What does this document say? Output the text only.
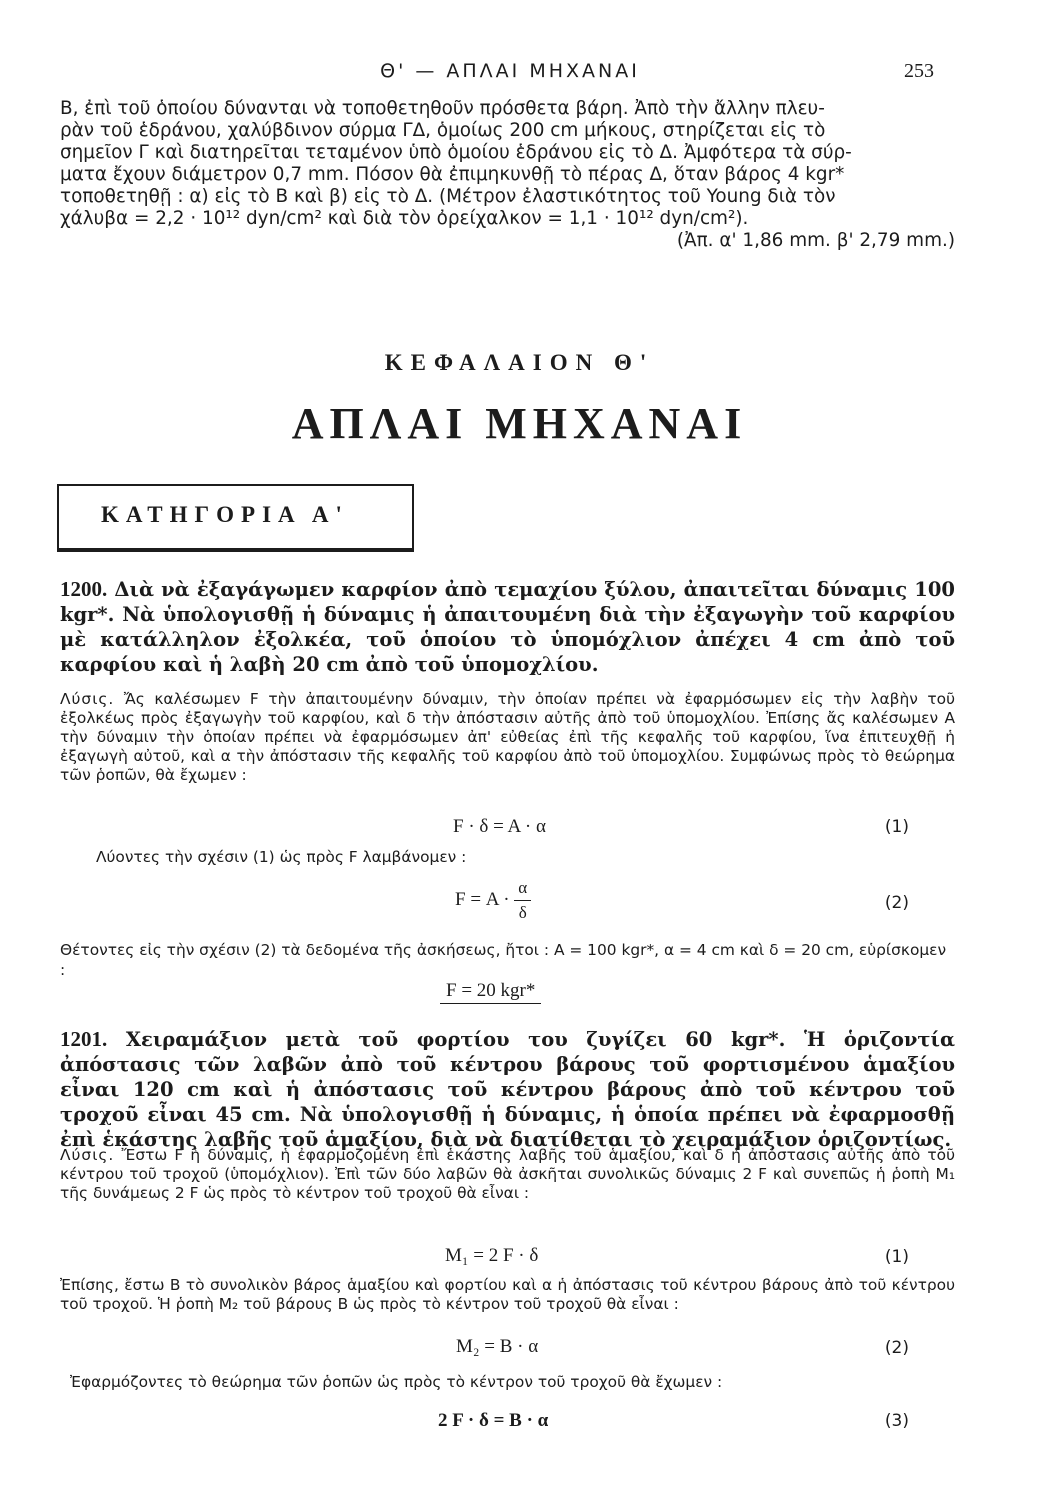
Θ' — ΑΠΛΑΙ ΜΗΧΑΝΑΙ	253
Β, ἐπὶ τοῦ ὁποίου δύνανται νὰ τοποθετηθοῦν πρόσθετα βάρη. Ἀπὸ τὴν ἄλλην πλευ-
ρὰν τοῦ ἑδράνου, χαλύβδινον σύρμα ΓΔ, ὁμοίως 200 cm μήκους, στηρίζεται εἰς τὸ
σημεῖον Γ καὶ διατηρεῖται τεταμένον ὑπὸ ὁμοίου ἑδράνου εἰς τὸ Δ. Ἀμφότερα τὰ σύρ-
ματα ἔχουν διάμετρον 0,7 mm. Πόσον θὰ ἐπιμηκυνθῇ τὸ πέρας Δ, ὅταν βάρος 4 kgr*
τοποθετηθῇ : α) εἰς τὸ Β καὶ β) εἰς τὸ Δ. (Μέτρον ἐλαστικότητος τοῦ Young διὰ τὸν
χάλυβα = 2,2 · 10¹² dyn/cm² καὶ διὰ τὸν ὀρείχαλκον = 1,1 · 10¹² dyn/cm²).
(Ἀπ. α' 1,86 mm. β' 2,79 mm.)
ΚΕΦΑΛΑΙΟΝ Θ'
ΑΠΛΑΙ ΜΗΧΑΝΑΙ
ΚΑΤΗΓΟΡΙΑ Α'

1200. Διὰ νὰ ἐξαγάγωμεν καρφίον ἀπὸ τεμαχίου ξύλου, ἀπαιτεῖται δύναμις 100 kgr*. Νὰ ὑπολογισθῇ ἡ δύναμις ἡ ἀπαιτουμένη διὰ τὴν ἐξαγωγὴν τοῦ καρφίου μὲ κατάλληλον ἐξολκέα, τοῦ ὁποίου τὸ ὑπομόχλιον ἀπέχει 4 cm ἀπὸ τοῦ καρφίου καὶ ἡ λαβὴ 20 cm ἀπὸ τοῦ ὑπομοχλίου.

Λύσις. Ἄς καλέσωμεν F τὴν ἀπαιτουμένην δύναμιν, τὴν ὁποίαν πρέπει νὰ ἐφαρμόσωμεν εἰς τὴν λαβὴν τοῦ ἐξολκέως πρὸς ἐξαγωγὴν τοῦ καρφίου, καὶ δ τὴν ἀπόστασιν αὐτῆς ἀπὸ τοῦ ὑπομοχλίου. Ἐπίσης ἄς καλέσωμεν Α τὴν δύναμιν τὴν ὁποίαν πρέπει νὰ ἐφαρμόσωμεν ἀπ' εὐθείας ἐπὶ τῆς κεφαλῆς τοῦ καρφίου, ἵνα ἐπιτευχθῇ ἡ ἐξαγωγὴ αὐτοῦ, καὶ α τὴν ἀπόστασιν τῆς κεφαλῆς τοῦ καρφίου ἀπὸ τοῦ ὑπομοχλίου. Συμφώνως πρὸς τὸ θεώρημα τῶν ῥοπῶν, θὰ ἔχωμεν :

F · δ = Α · α	(1)
Λύοντες τὴν σχέσιν (1) ὡς πρὸς F λαμβάνομεν :
$F = A \cdot \frac{\alpha}{\delta}$	(2)
Θέτοντες εἰς τὴν σχέσιν (2) τὰ δεδομένα τῆς ἀσκήσεως, ἤτοι : Α = 100 kgr*, α = 4 cm καὶ δ = 20 cm, εὑρίσκομεν :
F = 20 kgr*

1201. Χειραμάξιον μετὰ τοῦ φορτίου του ζυγίζει 60 kgr*. Ἡ ὁριζοντία ἀπόστασις τῶν λαβῶν ἀπὸ τοῦ κέντρου βάρους τοῦ φορτισμένου ἁμαξίου εἶναι 120 cm καὶ ἡ ἀπόστασις τοῦ κέντρου βάρους ἀπὸ τοῦ κέντρου τοῦ τροχοῦ εἶναι 45 cm. Νὰ ὑπολογισθῇ ἡ δύναμις, ἡ ὁποία πρέπει νὰ ἐφαρμοσθῇ ἐπὶ ἑκάστης λαβῆς τοῦ ἁμαξίου, διὰ νὰ διατίθεται τὸ χειραμάξιον ὁριζοντίως.

Λύσις. Ἔστω F ἡ δύναμις, ἡ ἐφαρμοζομένη ἐπὶ ἑκάστης λαβῆς τοῦ ἁμαξίου, καὶ δ ἡ ἀπόστασις αὐτῆς ἀπὸ τοῦ κέντρου τοῦ τροχοῦ (ὑπομόχλιον). Ἐπὶ τῶν δύο λαβῶν θὰ ἀσκῆται συνολικῶς δύναμις 2 F καὶ συνεπῶς ἡ ῥοπὴ Μ₁ τῆς δυνάμεως 2 F ὡς πρὸς τὸ κέντρον τοῦ τροχοῦ θὰ εἶναι :

Μ₁ = 2 F · δ	(1)

Ἐπίσης, ἔστω Β τὸ συνολικὸν βάρος ἁμαξίου καὶ φορτίου καὶ α ἡ ἀπόστασις τοῦ κέντρου βάρους ἀπὸ τοῦ κέντρου τοῦ τροχοῦ. Ἡ ῥοπὴ Μ₂ τοῦ βάρους Β ὡς πρὸς τὸ κέντρον τοῦ τροχοῦ θὰ εἶναι :

Μ₂ = Β · α	(2)
Ἐφαρμόζοντες τὸ θεώρημα τῶν ῥοπῶν ὡς πρὸς τὸ κέντρον τοῦ τροχοῦ θὰ ἔχωμεν :
2 F · δ = Β · α	(3)
